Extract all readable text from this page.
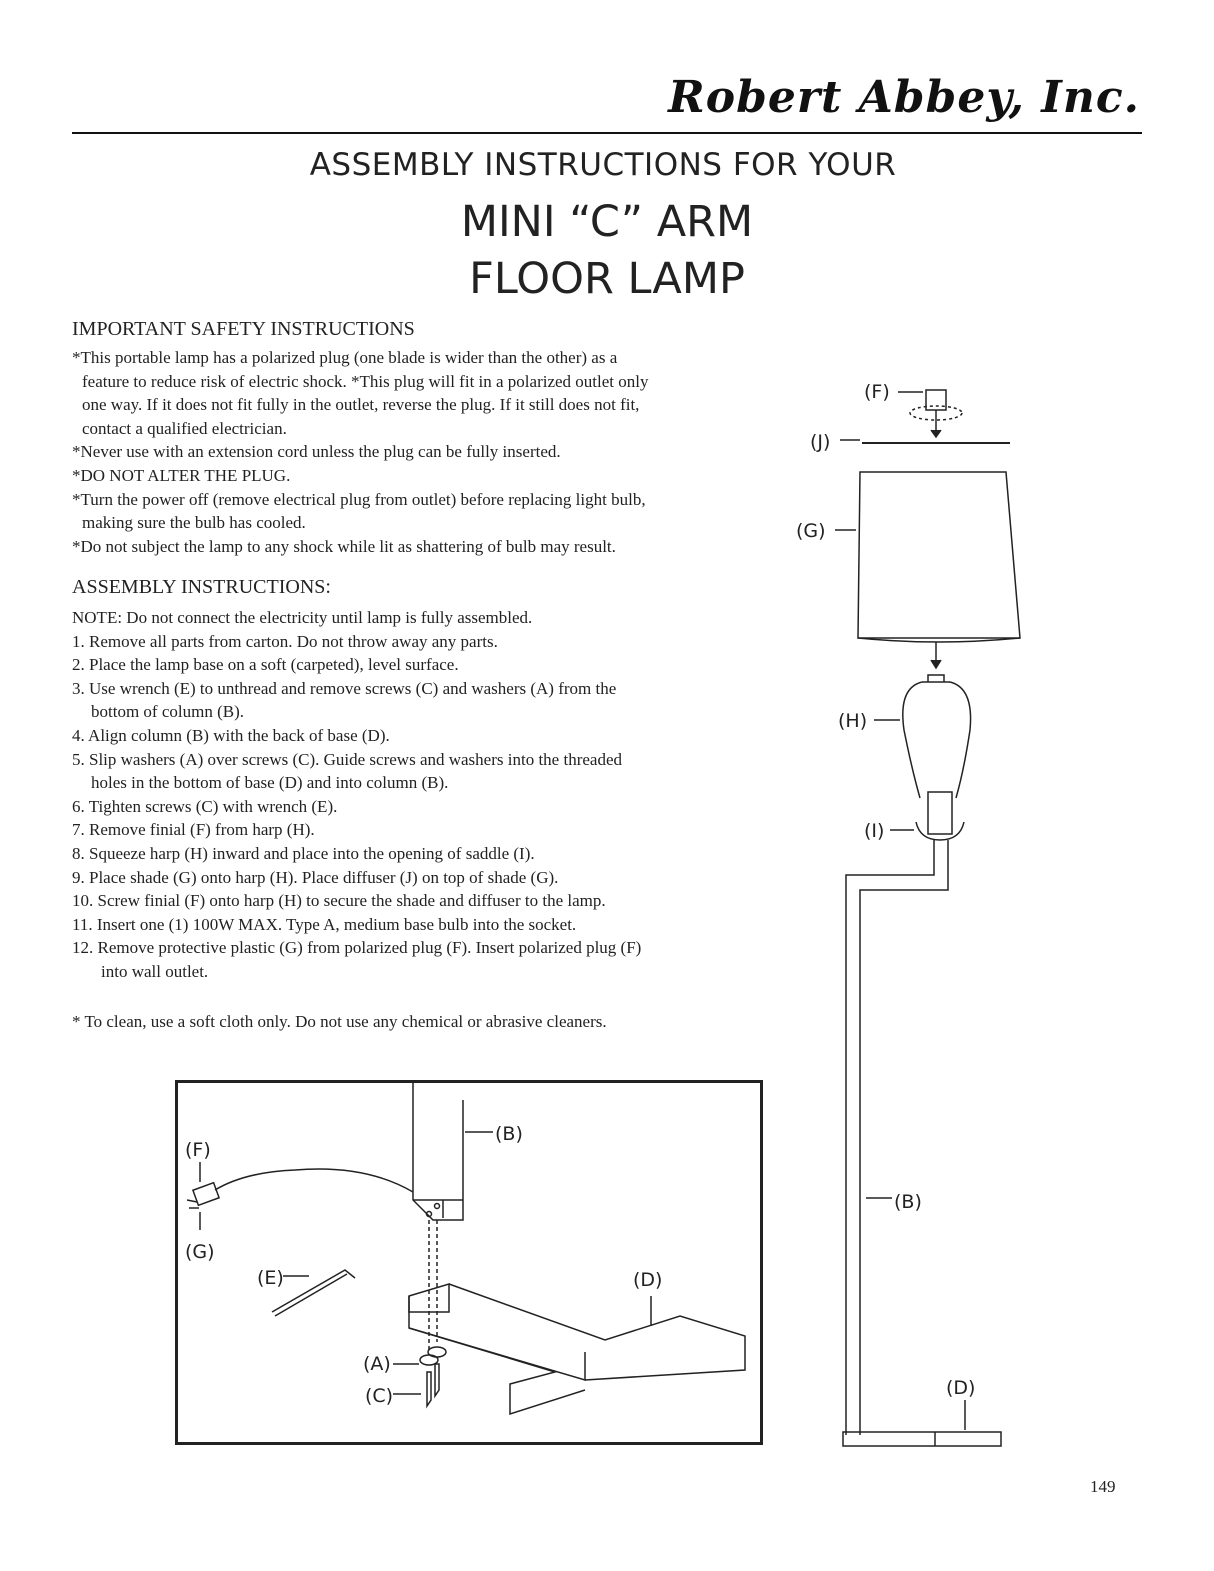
Robert Abbey, Inc.
ASSEMBLY INSTRUCTIONS FOR YOUR
MINI “C” ARM
FLOOR LAMP
IMPORTANT SAFETY INSTRUCTIONS
*This portable lamp has a polarized plug (one blade is wider than the other) as a
feature to reduce risk of electric shock. *This plug will fit in a polarized outlet only
one way. If it does not fit fully in the outlet, reverse the plug. If it still does not fit,
contact a qualified electrician.
*Never use with an extension cord unless the plug can be fully inserted.
*DO NOT ALTER THE PLUG.
*Turn the power off (remove electrical plug from outlet) before replacing light bulb,
making sure the bulb has cooled.
*Do not subject the lamp to any shock while lit as shattering of bulb may result.
ASSEMBLY INSTRUCTIONS:
NOTE: Do not connect the electricity until lamp is fully assembled.
1. Remove all parts from carton. Do not throw away any parts.
2. Place the lamp base on a soft (carpeted), level surface.
3. Use wrench (E) to unthread and remove screws (C) and washers (A) from the
bottom of column (B).
4. Align column (B) with the back of base (D).
5. Slip washers (A) over screws (C). Guide screws and washers into the threaded
holes in the bottom of base (D) and into column (B).
6. Tighten screws (C) with wrench (E).
7. Remove finial (F) from harp (H).
8. Squeeze harp (H) inward and place into the opening of saddle (I).
9. Place shade (G) onto harp (H). Place diffuser (J) on top of shade (G).
10. Screw finial (F) onto harp (H) to secure the shade and diffuser to the lamp.
11. Insert one (1) 100W MAX. Type A, medium base bulb into the socket.
12. Remove protective plastic (G) from polarized plug (F). Insert polarized plug (F)
into wall outlet.
* To clean, use a soft cloth only. Do not use any chemical or abrasive cleaners.
(F)
(J)
(G)
(H)
(I)
(B)
(D)
(B)
(F)
(G)
(E)	(D)
(A)
(C)
149
